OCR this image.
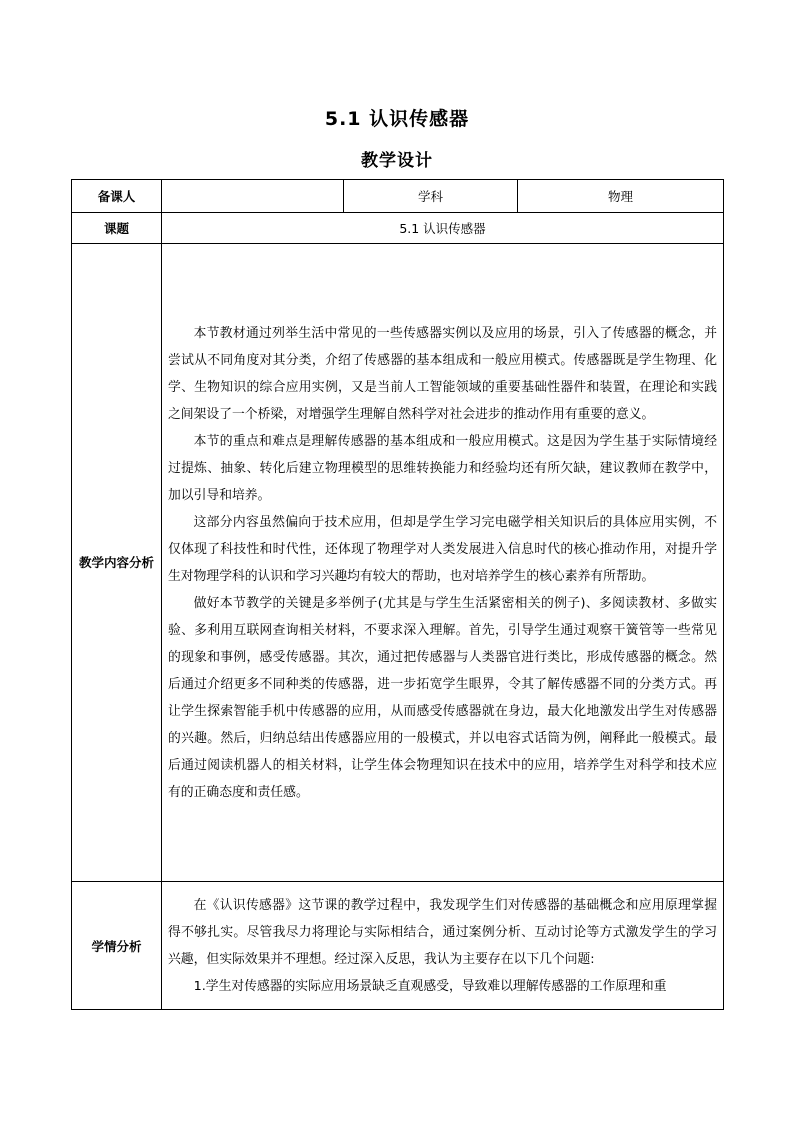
5.1 认识传感器
教学设计
备课人		学科	物理
课题	5.1 认识传感器		
教学内容分析	本节教材通过列举生活中常见的一些传感器实例以及应用的场景，引入了传感器的概念，并尝试从不同角度对其分类，介绍了传感器的基本组成和一般应用模式。传感器既是学生物理、化学、生物知识的综合应用实例，又是当前人工智能领域的重要基础性器件和装置，在理论和实践之间架设了一个桥梁，对增强学生理解自然科学对社会进步的推动作用有重要的意义。

本节的重点和难点是理解传感器的基本组成和一般应用模式。这是因为学生基于实际情境经过提炼、抽象、转化后建立物理模型的思维转换能力和经验均还有所欠缺，建议教师在教学中，加以引导和培养。

这部分内容虽然偏向于技术应用，但却是学生学习完电磁学相关知识后的具体应用实例，不仅体现了科技性和时代性，还体现了物理学对人类发展进入信息时代的核心推动作用，对提升学生对物理学科的认识和学习兴趣均有较大的帮助，也对培养学生的核心素养有所帮助。

做好本节教学的关键是多举例子(尤其是与学生生活紧密相关的例子)、多阅读教材、多做实验、多利用互联网查询相关材料，不要求深入理解。首先，引导学生通过观察干簧管等一些常见的现象和事例，感受传感器。其次，通过把传感器与人类器官进行类比，形成传感器的概念。然后通过介绍更多不同种类的传感器，进一步拓宽学生眼界，令其了解传感器不同的分类方式。再让学生探索智能手机中传感器的应用，从而感受传感器就在身边，最大化地激发出学生对传感器的兴趣。然后，归纳总结出传感器应用的一般模式，并以电容式话筒为例，阐释此一般模式。最后通过阅读机器人的相关材料，让学生体会物理知识在技术中的应用，培养学生对科学和技术应有的正确态度和责任感。		

学情分析	在《认识传感器》这节课的教学过程中，我发现学生们对传感器的基础概念和应用原理掌握得不够扎实。尽管我尽力将理论与实际相结合，通过案例分析、互动讨论等方式激发学生的学习兴趣，但实际效果并不理想。经过深入反思，我认为主要存在以下几个问题:

1.学生对传感器的实际应用场景缺乏直观感受，导致难以理解传感器的工作原理和重		
